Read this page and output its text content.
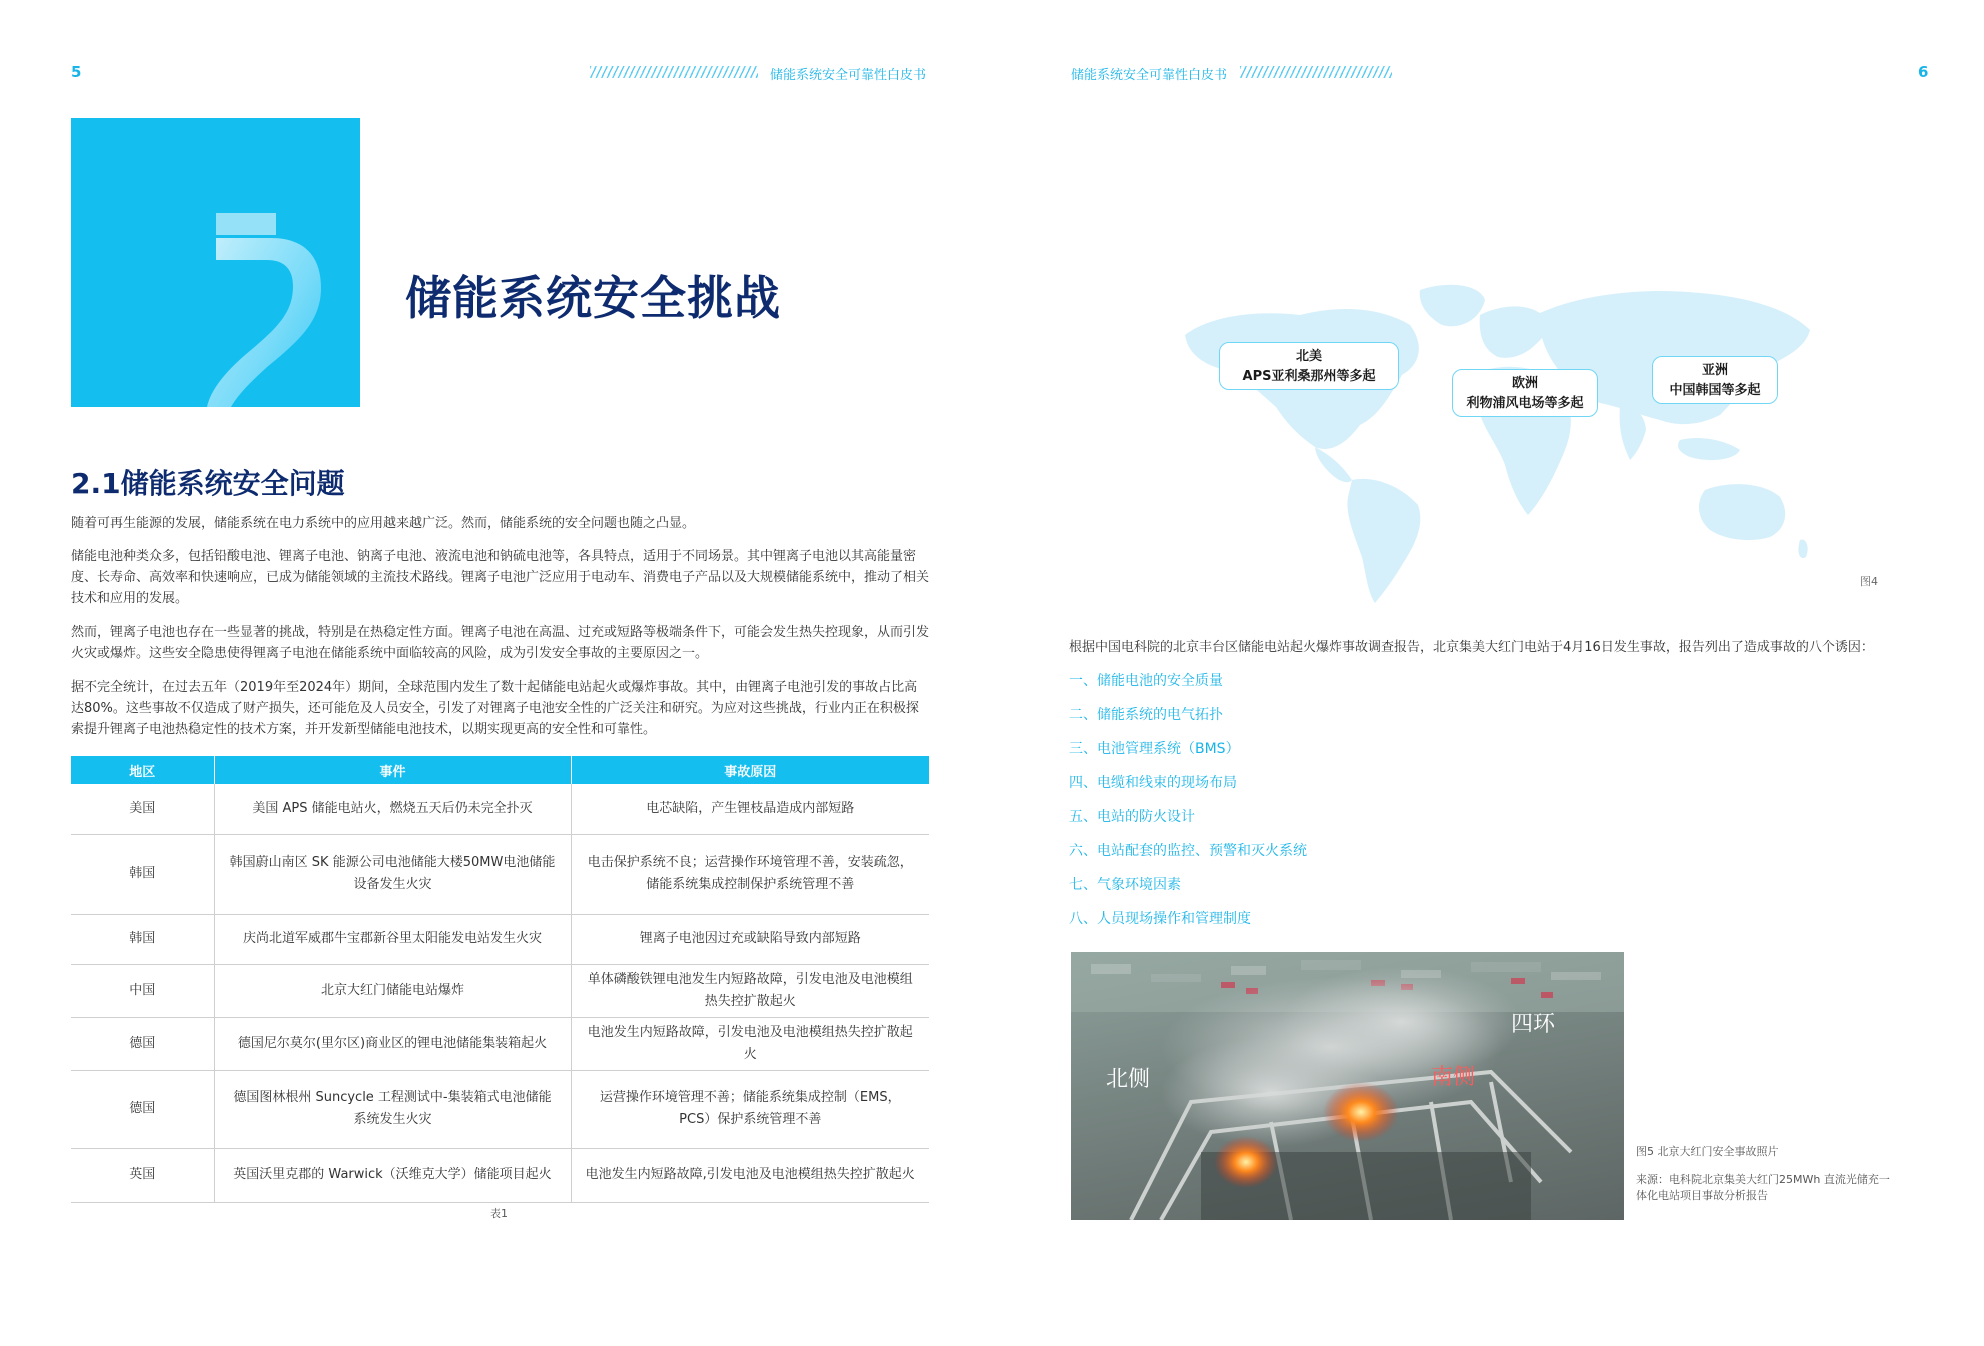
5	储能系统安全可靠性白皮书
储能系统安全挑战
2.1储能系统安全问题
随着可再生能源的发展，储能系统在电力系统中的应用越来越广泛。然而，储能系统的安全问题也随之凸显。
储能电池种类众多，包括铅酸电池、锂离子电池、钠离子电池、液流电池和钠硫电池等，各具特点，适用于不同场景。其中锂离子电池以其高能量密度、长寿命、高效率和快速响应，已成为储能领域的主流技术路线。锂离子电池广泛应用于电动车、消费电子产品以及大规模储能系统中，推动了相关技术和应用的发展。
然而，锂离子电池也存在一些显著的挑战，特别是在热稳定性方面。锂离子电池在高温、过充或短路等极端条件下，可能会发生热失控现象，从而引发火灾或爆炸。这些安全隐患使得锂离子电池在储能系统中面临较高的风险，成为引发安全事故的主要原因之一。
据不完全统计，在过去五年（2019年至2024年）期间，全球范围内发生了数十起储能电站起火或爆炸事故。其中，由锂离子电池引发的事故占比高达80%。这些事故不仅造成了财产损失，还可能危及人员安全，引发了对锂离子电池安全性的广泛关注和研究。为应对这些挑战，行业内正在积极探索提升锂离子电池热稳定性的技术方案，并开发新型储能电池技术，以期实现更高的安全性和可靠性。
地区	事件	事故原因
美国	美国 APS 储能电站火，燃烧五天后仍未完全扑灭	电芯缺陷，产生锂枝晶造成内部短路
韩国	韩国蔚山南区 SK 能源公司电池储能大楼50MW电池储能设备发生火灾	电击保护系统不良；运营操作环境管理不善，安装疏忽，储能系统集成控制保护系统管理不善
韩国	庆尚北道军威郡牛宝郡新谷里太阳能发电站发生火灾	锂离子电池因过充或缺陷导致内部短路
中国	北京大红门储能电站爆炸	单体磷酸铁锂电池发生内短路故障，引发电池及电池模组热失控扩散起火
德国	德国尼尔莫尔(里尔区)商业区的锂电池储能集装箱起火	电池发生内短路故障，引发电池及电池模组热失控扩散起火
德国	德国图林根州 Suncycle 工程测试中-集装箱式电池储能系统发生火灾	运营操作环境管理不善；储能系统集成控制（EMS，PCS）保护系统管理不善
英国	英国沃里克郡的 Warwick（沃维克大学）储能项目起火	电池发生内短路故障,引发电池及电池模组热失控扩散起火
表1
储能系统安全可靠性白皮书	6
北美
APS亚利桑那州等多起	欧洲
利物浦风电场等多起
亚洲
中国韩国等多起
图4
根据中国电科院的北京丰台区储能电站起火爆炸事故调查报告，北京集美大红门电站于4月16日发生事故，报告列出了造成事故的八个诱因：
一、储能电池的安全质量
二、储能系统的电气拓扑
三、电池管理系统（BMS）
四、电缆和线束的现场布局
五、电站的防火设计
六、电站配套的监控、预警和灭火系统
七、气象环境因素
八、人员现场操作和管理制度
北侧
四环
南侧
图5 北京大红门安全事故照片
来源：电科院北京集美大红门25MWh 直流光储充一体化电站项目事故分析报告
